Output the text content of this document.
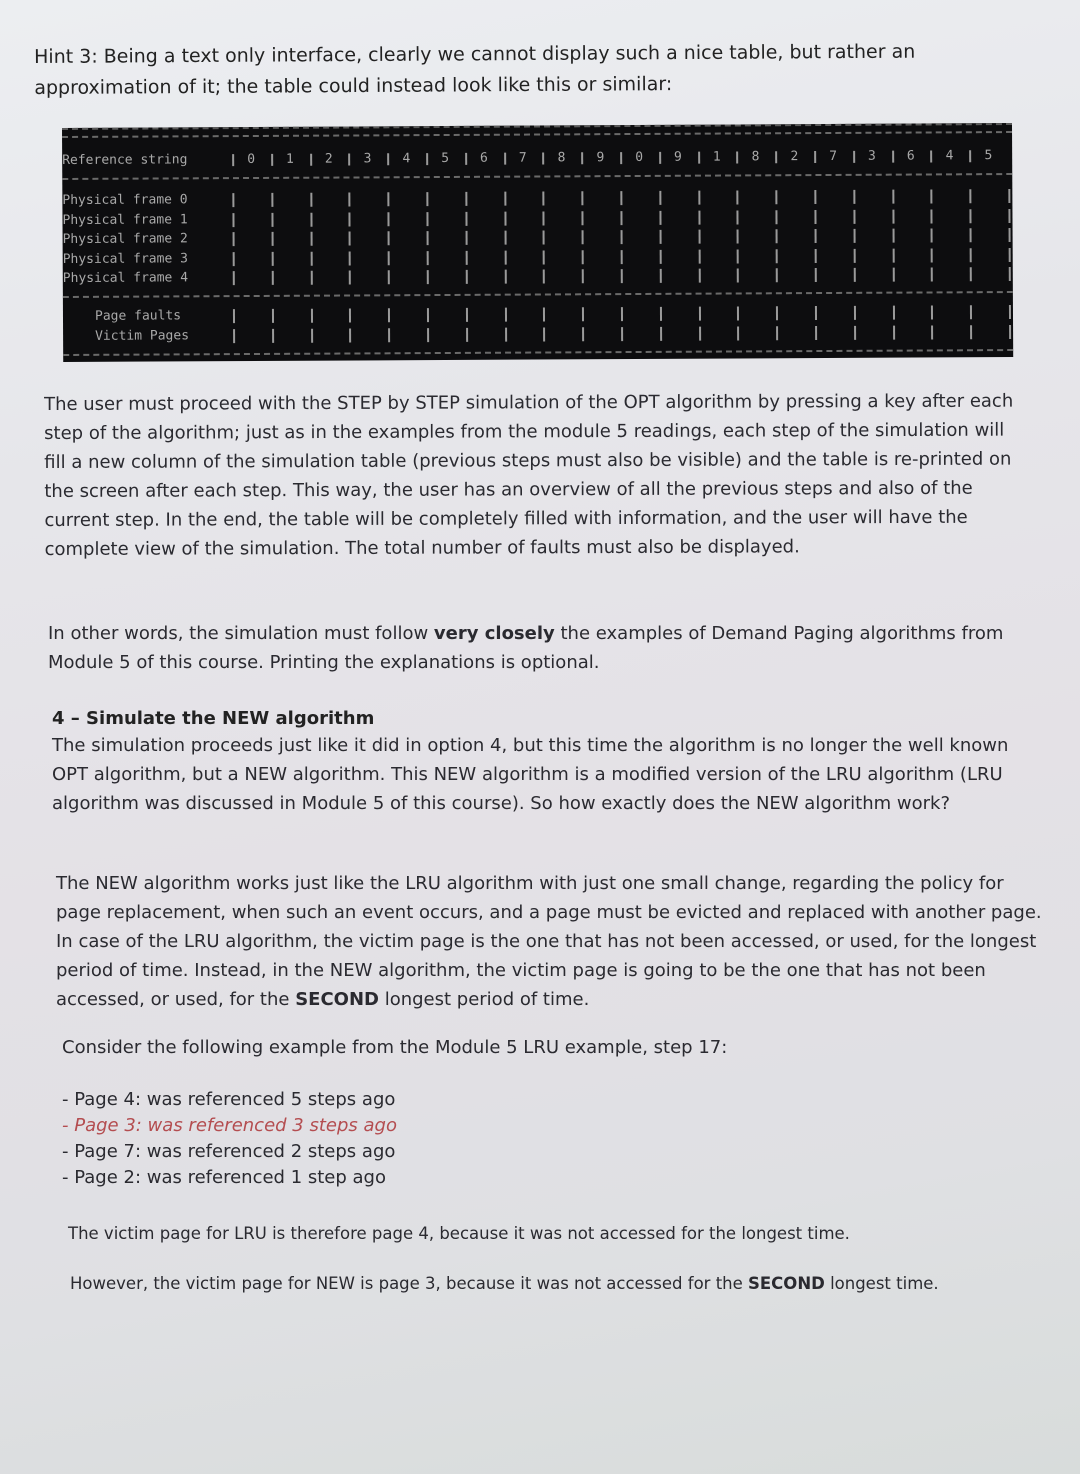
Hint 3: Being a text only interface, clearly we cannot display such a nice table, but rather an approximation of it; the table could instead look like this or similar:
Reference string	0	1	2	3	4	5	6	7	8	9	0	9	1	8	2	7	3	6	4	5
Physical frame 0
Physical frame 1
Physical frame 2
Physical frame 3
Physical frame 4
Page faults
Victim Pages
The user must proceed with the STEP by STEP simulation of the OPT algorithm by pressing a key after each step of the algorithm; just as in the examples from the module 5 readings, each step of the simulation will fill a new column of the simulation table (previous steps must also be visible) and the table is re-printed on the screen after each step. This way, the user has an overview of all the previous steps and also of the current step. In the end, the table will be completely filled with information, and the user will have the complete view of the simulation. The total number of faults must also be displayed.
In other words, the simulation must follow very closely the examples of Demand Paging algorithms from Module 5 of this course. Printing the explanations is optional.
4 – Simulate the NEW algorithm
The simulation proceeds just like it did in option 4, but this time the algorithm is no longer the well known OPT algorithm, but a NEW algorithm. This NEW algorithm is a modified version of the LRU algorithm (LRU algorithm was discussed in Module 5 of this course). So how exactly does the NEW algorithm work?
The NEW algorithm works just like the LRU algorithm with just one small change, regarding the policy for page replacement, when such an event occurs, and a page must be evicted and replaced with another page. In case of the LRU algorithm, the victim page is the one that has not been accessed, or used, for the longest period of time. Instead, in the NEW algorithm, the victim page is going to be the one that has not been accessed, or used, for the SECOND longest period of time.
Consider the following example from the Module 5 LRU example, step 17:
- Page 4: was referenced 5 steps ago
- Page 3: was referenced 3 steps ago
- Page 7: was referenced 2 steps ago
- Page 2: was referenced 1 step ago
The victim page for LRU is therefore page 4, because it was not accessed for the longest time.
However, the victim page for NEW is page 3, because it was not accessed for the SECOND longest time.
